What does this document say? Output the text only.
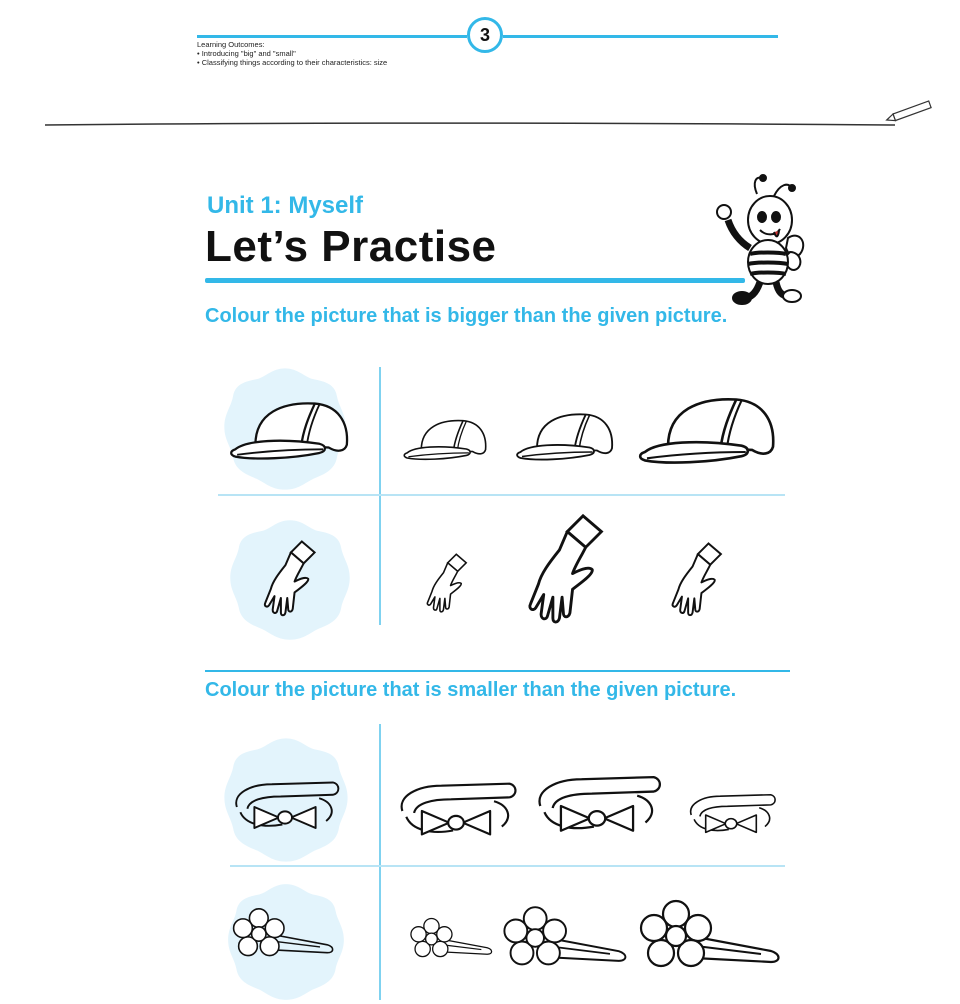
3
Learning Outcomes:
• Introducing "big" and "small"
• Classifying things according to their characteristics: size
Unit 1: Myself
Let’s Practise
Colour the picture that is bigger than the given picture.
Colour the picture that is smaller than the given picture.
